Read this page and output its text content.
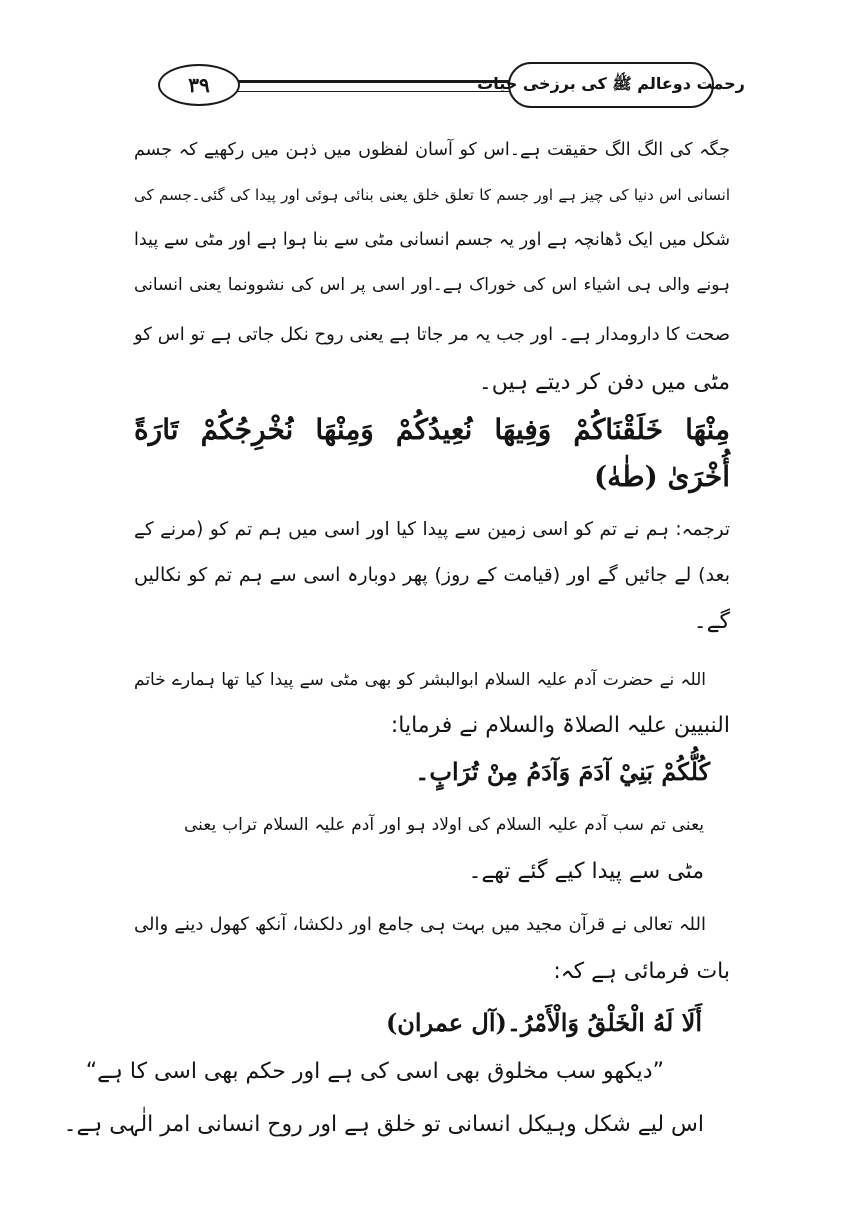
۳۹	رحمت دوعالم ﷺ کی برزخی حیات
جگہ کی الگ الگ حقیقت ہے۔اس کو آسان لفظوں میں ذہن میں رکھیے کہ جسم
انسانی اس دنیا کی چیز ہے اور جسم کا تعلق خلق یعنی بنائی ہوئی اور پیدا کی گئی۔جسم کی
شکل میں ایک ڈھانچہ ہے اور یہ جسم انسانی مٹی سے بنا ہوا ہے اور مٹی سے پیدا
ہونے والی ہی اشیاء اس کی خوراک ہے۔اور اسی پر اس کی نشوونما یعنی انسانی
صحت کا دارومدار ہے۔ اور جب یہ مر جاتا ہے یعنی روح نکل جاتی ہے تو اس کو
مٹی میں دفن کر دیتے ہیں۔
مِنْهَا خَلَقْنَاكُمْ وَفِيهَا نُعِيدُكُمْ وَمِنْهَا نُخْرِجُكُمْ تَارَةً
أُخْرَىٰ (طٰهٰ)
ترجمہ: ہم نے تم کو اسی زمین سے پیدا کیا اور اسی میں ہم تم کو (مرنے کے
بعد) لے جائیں گے اور (قیامت کے روز) پھر دوبارہ اسی سے ہم تم کو نکالیں
گے۔
اللہ نے حضرت آدم علیہ السلام ابوالبشر کو بھی مٹی سے پیدا کیا تھا ہمارے خاتم
النبیین علیہ الصلاۃ والسلام نے فرمایا:
كُلُّكُمْ بَنِيْ آدَمَ وَآدَمُ مِنْ تُرَابٍ۔
یعنی تم سب آدم علیہ السلام کی اولاد ہو اور آدم علیہ السلام تراب یعنی
مٹی سے پیدا کیے گئے تھے۔
اللہ تعالی نے قرآن مجید میں بہت ہی جامع اور دلکشا، آنکھ کھول دینے والی
بات فرمائی ہے کہ:
أَلَا لَهُ الْخَلْقُ وَالْأَمْرُ۔(آل عمران)
”دیکھو سب مخلوق بھی اسی کی ہے اور حکم بھی اسی کا ہے“
اس لیے شکل وہیکل انسانی تو خلق ہے اور روح انسانی امر الٰہی ہے۔
